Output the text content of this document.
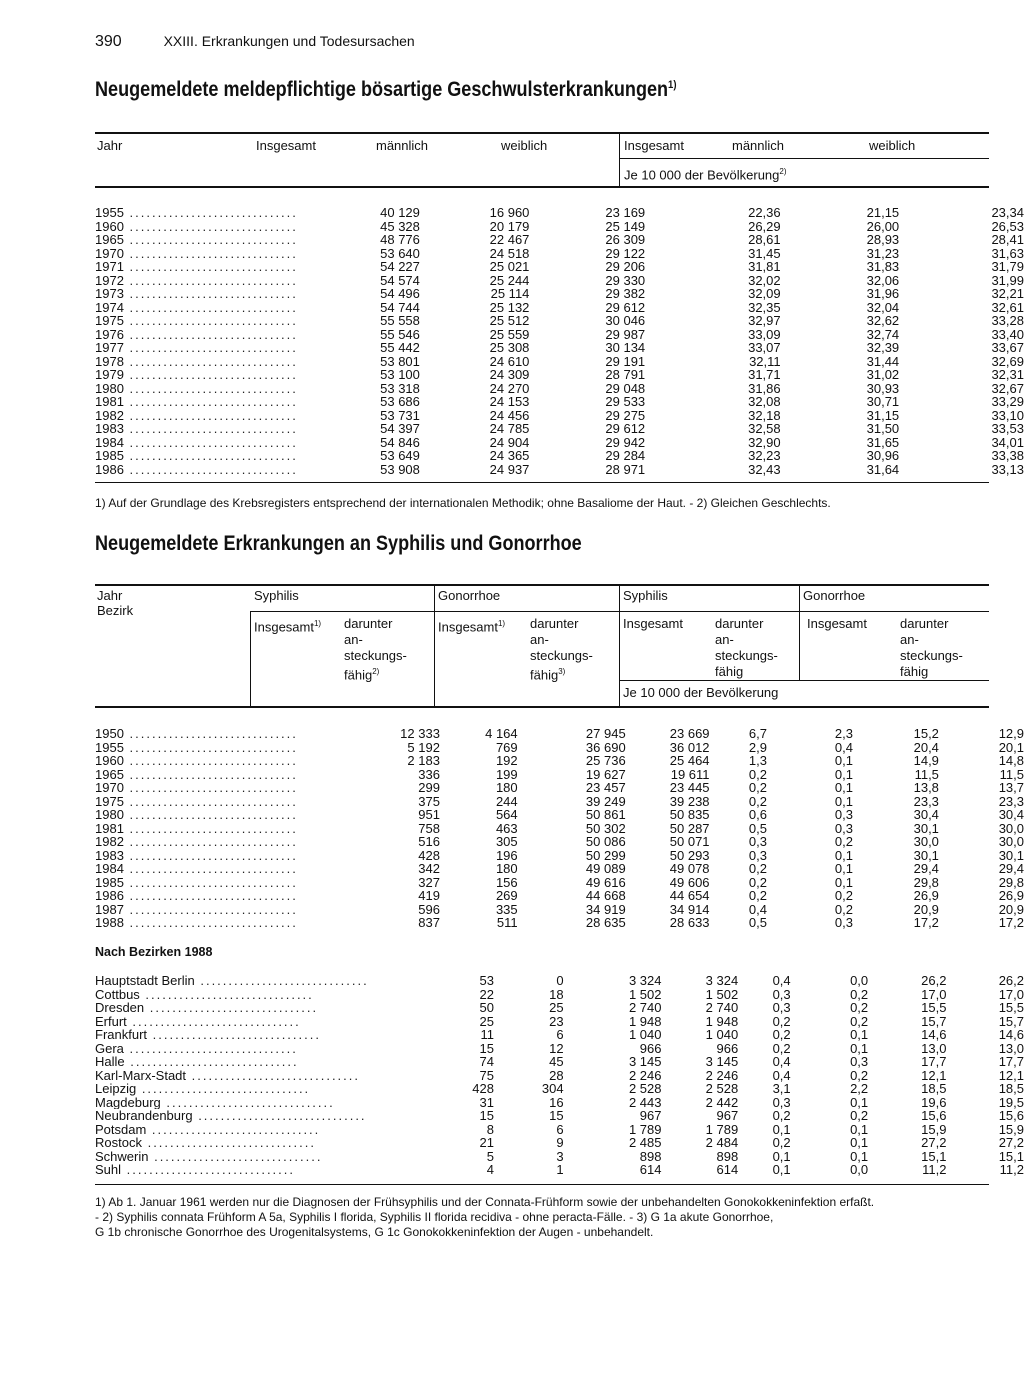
390	XXIII. Erkrankungen und Todesursachen
Neugemeldete meldepflichtige bösartige Geschwulsterkrankungen$^{1)}$
Jahr	Insgesamt	männlich	weiblich	Insgesamt	männlich	weiblich
Je 10 000 der Bevölkerung$^{2)}$
1955 ..............................	40 129	16 960	23 169	22,36	21,15	23,34
1960 ..............................	45 328	20 179	25 149	26,29	26,00	26,53
1965 ..............................	48 776	22 467	26 309	28,61	28,93	28,41
1970 ..............................	53 640	24 518	29 122	31,45	31,23	31,63
1971 ..............................	54 227	25 021	29 206	31,81	31,83	31,79
1972 ..............................	54 574	25 244	29 330	32,02	32,06	31,99
1973 ..............................	54 496	25 114	29 382	32,09	31,96	32,21
1974 ..............................	54 744	25 132	29 612	32,35	32,04	32,61
1975 ..............................	55 558	25 512	30 046	32,97	32,62	33,28
1976 ..............................	55 546	25 559	29 987	33,09	32,74	33,40
1977 ..............................	55 442	25 308	30 134	33,07	32,39	33,67
1978 ..............................	53 801	24 610	29 191	32,11	31,44	32,69
1979 ..............................	53 100	24 309	28 791	31,71	31,02	32,31
1980 ..............................	53 318	24 270	29 048	31,86	30,93	32,67
1981 ..............................	53 686	24 153	29 533	32,08	30,71	33,29
1982 ..............................	53 731	24 456	29 275	32,18	31,15	33,10
1983 ..............................	54 397	24 785	29 612	32,58	31,50	33,53
1984 ..............................	54 846	24 904	29 942	32,90	31,65	34,01
1985 ..............................	53 649	24 365	29 284	32,23	30,96	33,38
1986 ..............................	53 908	24 937	28 971	32,43	31,64	33,13
1) Auf der Grundlage des Krebsregisters entsprechend der internationalen Methodik; ohne Basaliome der Haut. - 2) Gleichen Geschlechts.
Neugemeldete Erkrankungen an Syphilis und Gonorrhoe
Jahr
Bezirk
Syphilis	Gonorrhoe	Syphilis	Gonorrhoe
Insgesamt$^{1)}$ darunter
an-
steckungs-
fähig$^{2)}$
Insgesamt$^{1)}$ darunter
an-
steckungs-
fähig$^{3)}$
Insgesamt darunter
an-
steckungs-
fähig
Insgesamt	darunter
an-
steckungs-
fähig
Je 10 000 der Bevölkerung
1950 ..............................	12 333	4 164	27 945	23 669	6,7	2,3	15,2	12,9
1955 ..............................	5 192	769	36 690	36 012	2,9	0,4	20,4	20,1
1960 ..............................	2 183	192	25 736	25 464	1,3	0,1	14,9	14,8
1965 ..............................	336	199	19 627	19 611	0,2	0,1	11,5	11,5
1970 ..............................	299	180	23 457	23 445	0,2	0,1	13,8	13,7
1975 ..............................	375	244	39 249	39 238	0,2	0,1	23,3	23,3
1980 ..............................	951	564	50 861	50 835	0,6	0,3	30,4	30,4
1981 ..............................	758	463	50 302	50 287	0,5	0,3	30,1	30,0
1982 ..............................	516	305	50 086	50 071	0,3	0,2	30,0	30,0
1983 ..............................	428	196	50 299	50 293	0,3	0,1	30,1	30,1
1984 ..............................	342	180	49 089	49 078	0,2	0,1	29,4	29,4
1985 ..............................	327	156	49 616	49 606	0,2	0,1	29,8	29,8
1986 ..............................	419	269	44 668	44 654	0,2	0,2	26,9	26,9
1987 ..............................	596	335	34 919	34 914	0,4	0,2	20,9	20,9
1988 ..............................	837	511	28 635	28 633	0,5	0,3	17,2	17,2
Nach Bezirken 1988
Hauptstadt Berlin ..............................	53	0	3 324	3 324	0,4	0,0	26,2	26,2
Cottbus ..............................	22	18	1 502	1 502	0,3	0,2	17,0	17,0
Dresden ..............................	50	25	2 740	2 740	0,3	0,2	15,5	15,5
Erfurt ..............................	25	23	1 948	1 948	0,2	0,2	15,7	15,7
Frankfurt ..............................	11	6	1 040	1 040	0,2	0,1	14,6	14,6
Gera ..............................	15	12	966	966	0,2	0,1	13,0	13,0
Halle ..............................	74	45	3 145	3 145	0,4	0,3	17,7	17,7
Karl-Marx-Stadt ..............................	75	28	2 246	2 246	0,4	0,2	12,1	12,1
Leipzig ..............................	428	304	2 528	2 528	3,1	2,2	18,5	18,5
Magdeburg ..............................	31	16	2 443	2 442	0,3	0,1	19,6	19,5
Neubrandenburg ..............................	15	15	967	967	0,2	0,2	15,6	15,6
Potsdam ..............................	8	6	1 789	1 789	0,1	0,1	15,9	15,9
Rostock ..............................	21	9	2 485	2 484	0,2	0,1	27,2	27,2
Schwerin ..............................	5	3	898	898	0,1	0,1	15,1	15,1
Suhl ..............................	4	1	614	614	0,1	0,0	11,2	11,2

1) Ab 1. Januar 1961 werden nur die Diagnosen der Frühsyphilis und der Connata-Frühform sowie der unbehandelten Gonokokkeninfektion erfaßt.

- 2) Syphilis connata Frühform A 5a, Syphilis I florida, Syphilis II florida recidiva - ohne peracta-Fälle. - 3) G 1a akute Gonorrhoe,

G 1b chronische Gonorrhoe des Urogenitalsystems, G 1c Gonokokkeninfektion der Augen - unbehandelt.
